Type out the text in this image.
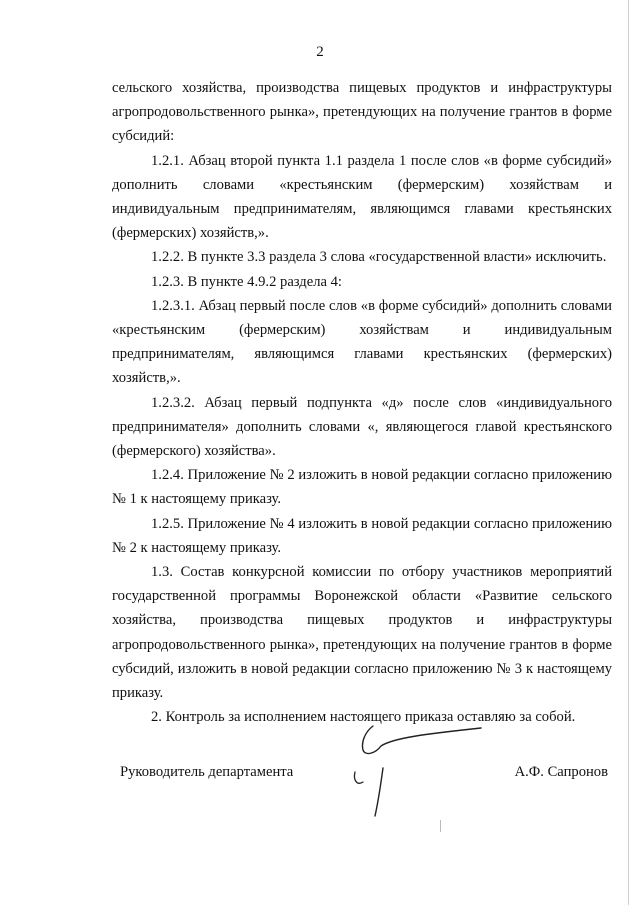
2

сельского хозяйства, производства пищевых продуктов и инфраструктуры агропродовольственного рынка», претендующих на получение грантов в форме субсидий:

1.2.1. Абзац второй пункта 1.1 раздела 1 после слов «в форме субсидий» дополнить словами «крестьянским (фермерским) хозяйствам и индивидуальным предпринимателям, являющимся главами крестьянских (фермерских) хозяйств,».

1.2.2. В пункте 3.3 раздела 3 слова «государственной власти» исключить.

1.2.3. В пункте 4.9.2 раздела 4:

1.2.3.1. Абзац первый после слов «в форме субсидий» дополнить словами «крестьянским (фермерским) хозяйствам и индивидуальным предпринимателям, являющимся главами крестьянских (фермерских) хозяйств,».

1.2.3.2. Абзац первый подпункта «д» после слов «индивидуального предпринимателя» дополнить словами «, являющегося главой крестьянского (фермерского) хозяйства».

1.2.4. Приложение № 2 изложить в новой редакции согласно приложению № 1 к настоящему приказу.

1.2.5. Приложение № 4 изложить в новой редакции согласно приложению № 2 к настоящему приказу.

1.3. Состав конкурсной комиссии по отбору участников мероприятий государственной программы Воронежской области «Развитие сельского хозяйства, производства пищевых продуктов и инфраструктуры агропродовольственного рынка», претендующих на получение грантов в форме субсидий, изложить в новой редакции согласно приложению № 3 к настоящему приказу.

2. Контроль за исполнением настоящего приказа оставляю за собой.

Руководитель департамента	А.Ф. Сапронов
